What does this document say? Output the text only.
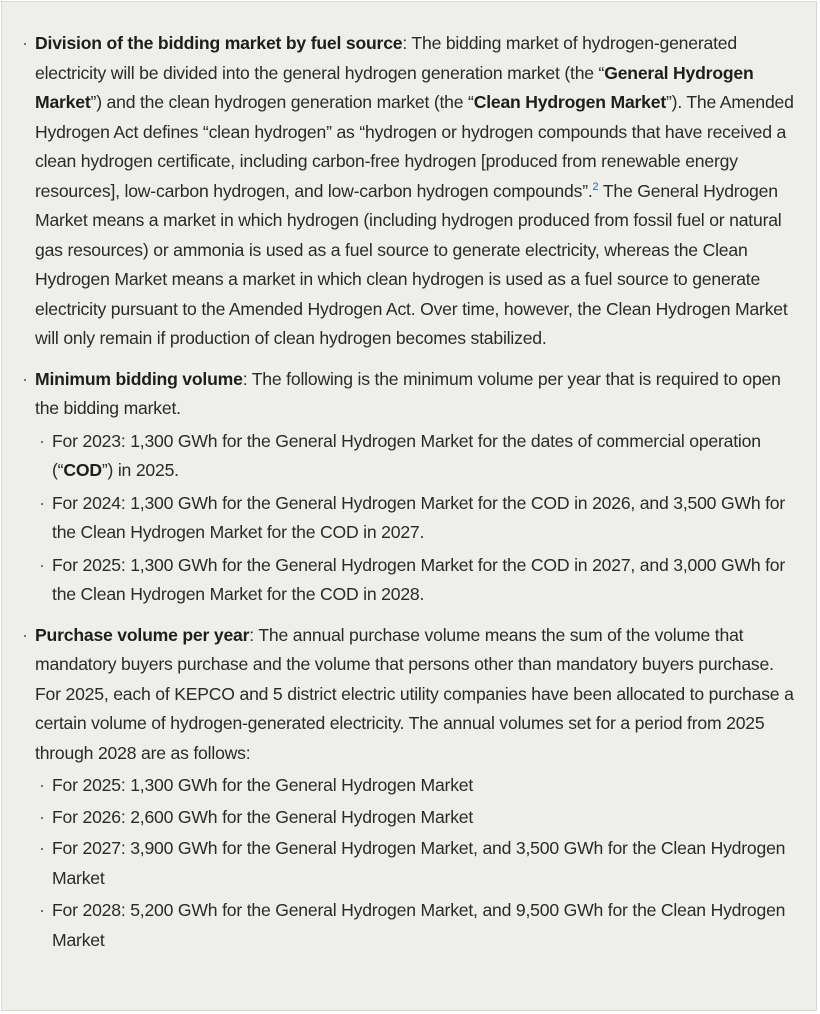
· Division of the bidding market by fuel source: The bidding market of hydrogen-generated electricity will be divided into the general hydrogen generation market (the “General Hydrogen Market”) and the clean hydrogen generation market (the “Clean Hydrogen Market”). The Amended Hydrogen Act defines “clean hydrogen” as “hydrogen or hydrogen compounds that have received a clean hydrogen certificate, including carbon-free hydrogen [produced from renewable energy resources], low-carbon hydrogen, and low-carbon hydrogen compounds”.$^2$ The General Hydrogen Market means a market in which hydrogen (including hydrogen produced from fossil fuel or natural gas resources) or ammonia is used as a fuel source to generate electricity, whereas the Clean Hydrogen Market means a market in which clean hydrogen is used as a fuel source to generate electricity pursuant to the Amended Hydrogen Act. Over time, however, the Clean Hydrogen Market will only remain if production of clean hydrogen becomes stabilized.

· Minimum bidding volume: The following is the minimum volume per year that is required to open the bidding market.

· For 2023: 1,300 GWh for the General Hydrogen Market for the dates of commercial operation (“COD”) in 2025.
· For 2024: 1,300 GWh for the General Hydrogen Market for the COD in 2026, and 3,500 GWh for the Clean Hydrogen Market for the COD in 2027.
· For 2025: 1,300 GWh for the General Hydrogen Market for the COD in 2027, and 3,000 GWh for the Clean Hydrogen Market for the COD in 2028.
· Purchase volume per year: The annual purchase volume means the sum of the volume that mandatory buyers purchase and the volume that persons other than mandatory buyers purchase. For 2025, each of KEPCO and 5 district electric utility companies have been allocated to purchase a certain volume of hydrogen-generated electricity. The annual volumes set for a period from 2025 through 2028 are as follows:

· For 2025: 1,300 GWh for the General Hydrogen Market
· For 2026: 2,600 GWh for the General Hydrogen Market
· For 2027: 3,900 GWh for the General Hydrogen Market, and 3,500 GWh for the Clean Hydrogen Market
· For 2028: 5,200 GWh for the General Hydrogen Market, and 9,500 GWh for the Clean Hydrogen Market
